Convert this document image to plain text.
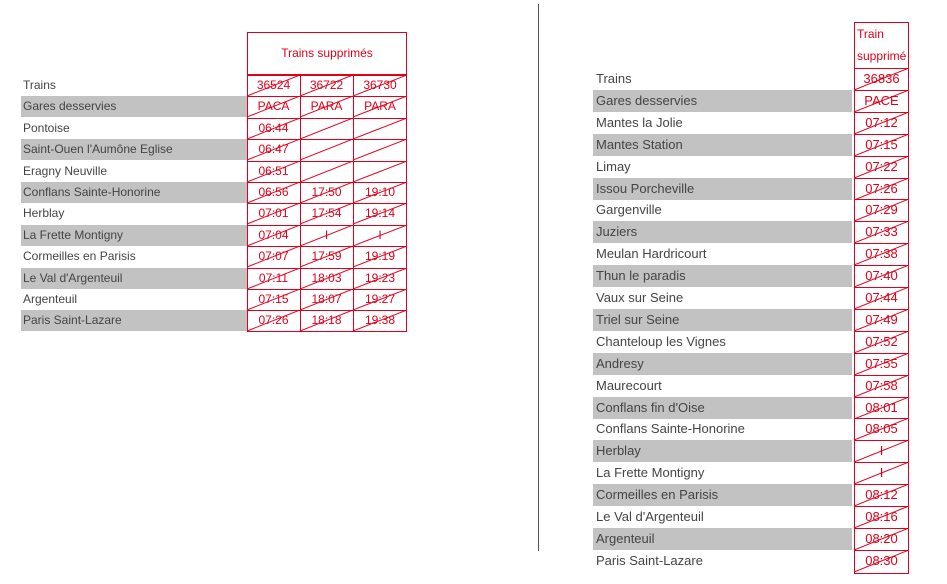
Trains supprimés
Trains	36524	36722	36730
Gares desservies	PACA	PARA	PARA
Pontoise	06:44
Saint-Ouen l'Aumône Eglise	06:47
Eragny Neuville	06:51
Conflans Sainte-Honorine	06:56	17:50	19:10
Herblay	07:01	17:54	19:14
La Frette Montigny	07:04	I	I
Cormeilles en Parisis	07:07	17:59	19:19
Le Val d'Argenteuil	07:11	18:03	19:23
Argenteuil	07:15	18:07	19:27
Paris Saint-Lazare	07:26	18:18	19:38
Train
supprimé
Trains	36836
Gares desservies	PACE
Mantes la Jolie	07:12
Mantes Station	07:15
Limay	07:22
Issou Porcheville	07:26
Gargenville	07:29
Juziers	07:33
Meulan Hardricourt	07:38
Thun le paradis	07:40
Vaux sur Seine	07:44
Triel sur Seine	07:49
Chanteloup les Vignes	07:52
Andresy	07:55
Maurecourt	07:58
Conflans fin d'Oise	08:01
Conflans Sainte-Honorine	08:05
Herblay	I
La Frette Montigny	I
Cormeilles en Parisis	08:12
Le Val d'Argenteuil	08:16
Argenteuil	08:20
Paris Saint-Lazare	08:30
